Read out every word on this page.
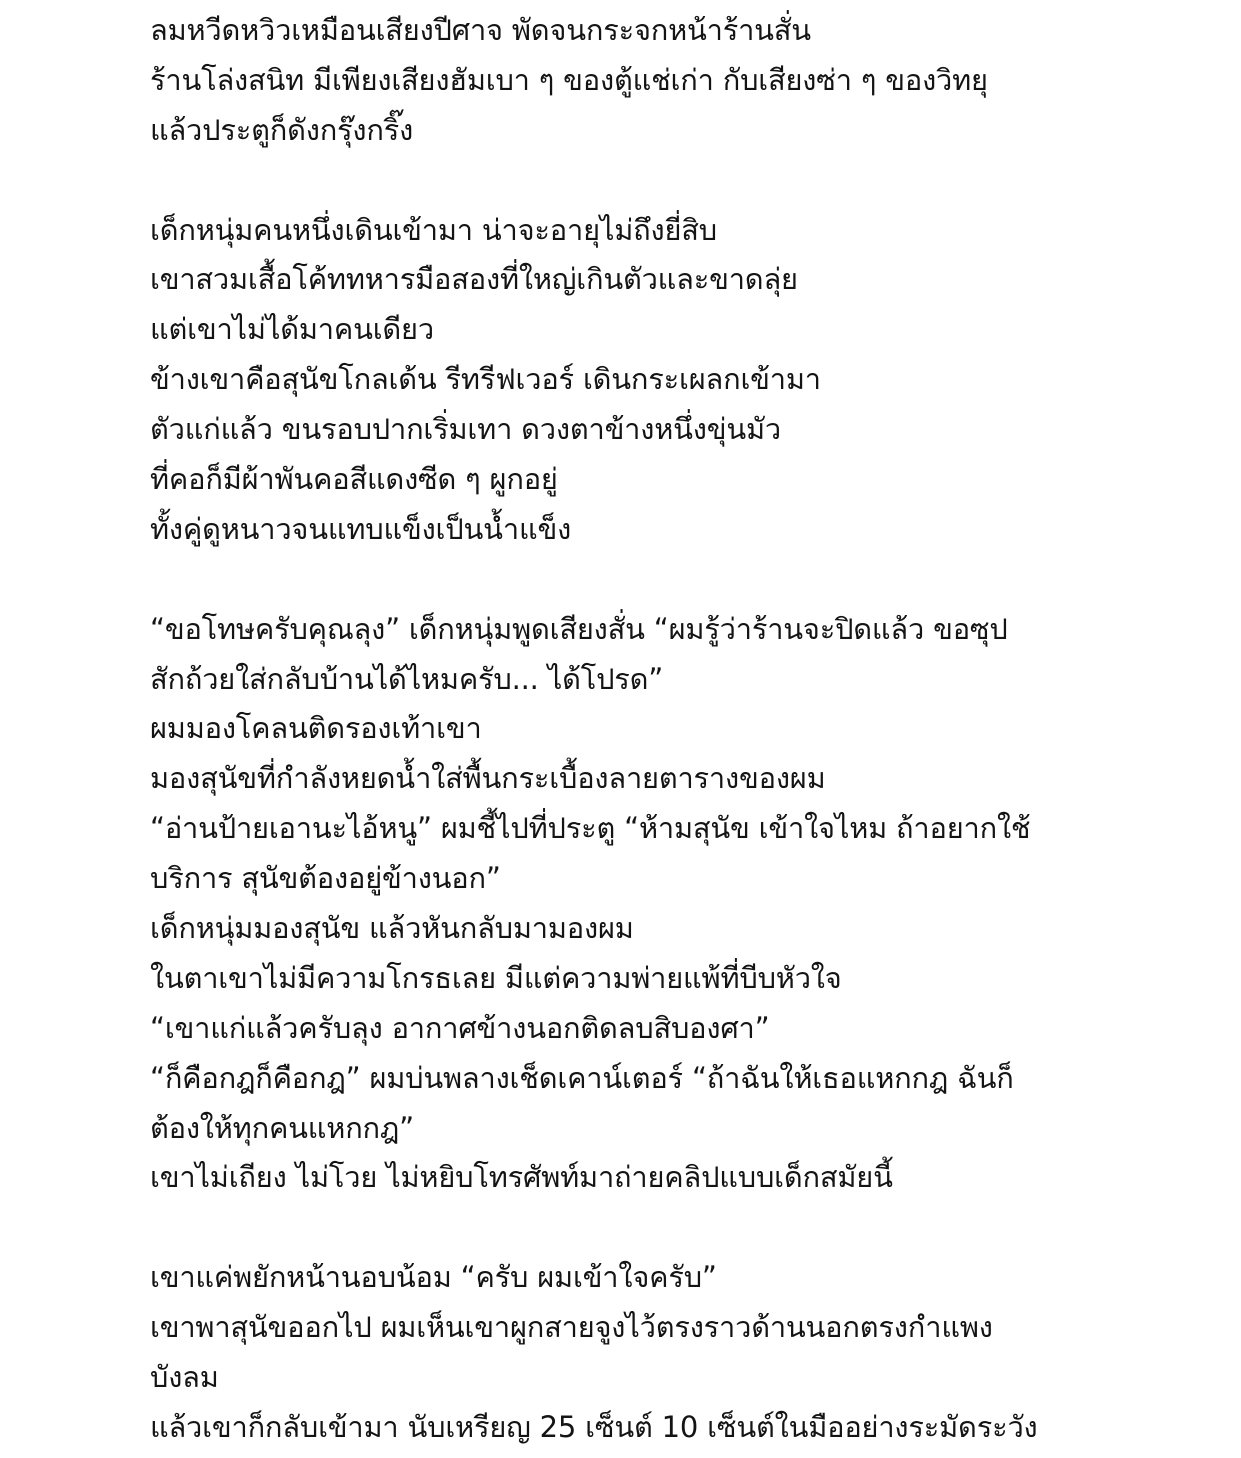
ลมหวีดหวิวเหมือนเสียงปีศาจ พัดจนกระจกหน้าร้านสั่น
ร้านโล่งสนิท มีเพียงเสียงฮัมเบา ๆ ของตู้แช่เก่า กับเสียงซ่า ๆ ของวิทยุ
แล้วประตูก็ดังกรุ๊งกริ๊ง
เด็กหนุ่มคนหนึ่งเดินเข้ามา น่าจะอายุไม่ถึงยี่สิบ
เขาสวมเสื้อโค้ททหารมือสองที่ใหญ่เกินตัวและขาดลุ่ย
แต่เขาไม่ได้มาคนเดียว
ข้างเขาคือสุนัขโกลเด้น รีทรีฟเวอร์ เดินกระเผลกเข้ามา
ตัวแก่แล้ว ขนรอบปากเริ่มเทา ดวงตาข้างหนึ่งขุ่นมัว
ที่คอก็มีผ้าพันคอสีแดงซีด ๆ ผูกอยู่
ทั้งคู่ดูหนาวจนแทบแข็งเป็นน้ำแข็ง
“ขอโทษครับคุณลุง” เด็กหนุ่มพูดเสียงสั่น “ผมรู้ว่าร้านจะปิดแล้ว ขอซุป
สักถ้วยใส่กลับบ้านได้ไหมครับ... ได้โปรด”
ผมมองโคลนติดรองเท้าเขา
มองสุนัขที่กำลังหยดน้ำใส่พื้นกระเบื้องลายตารางของผม
“อ่านป้ายเอานะไอ้หนู” ผมชี้ไปที่ประตู “ห้ามสุนัข เข้าใจไหม ถ้าอยากใช้
บริการ สุนัขต้องอยู่ข้างนอก”
เด็กหนุ่มมองสุนัข แล้วหันกลับมามองผม
ในตาเขาไม่มีความโกรธเลย มีแต่ความพ่ายแพ้ที่บีบหัวใจ
“เขาแก่แล้วครับลุง อากาศข้างนอกติดลบสิบองศา”
“ก็คือกฎก็คือกฎ” ผมบ่นพลางเช็ดเคาน์เตอร์ “ถ้าฉันให้เธอแหกกฎ ฉันก็
ต้องให้ทุกคนแหกกฎ”
เขาไม่เถียง ไม่โวย ไม่หยิบโทรศัพท์มาถ่ายคลิปแบบเด็กสมัยนี้
เขาแค่พยักหน้านอบน้อม “ครับ ผมเข้าใจครับ”
เขาพาสุนัขออกไป ผมเห็นเขาผูกสายจูงไว้ตรงราวด้านนอกตรงกำแพง
บังลม
แล้วเขาก็กลับเข้ามา นับเหรียญ 25 เซ็นต์ 10 เซ็นต์ในมืออย่างระมัดระวัง
